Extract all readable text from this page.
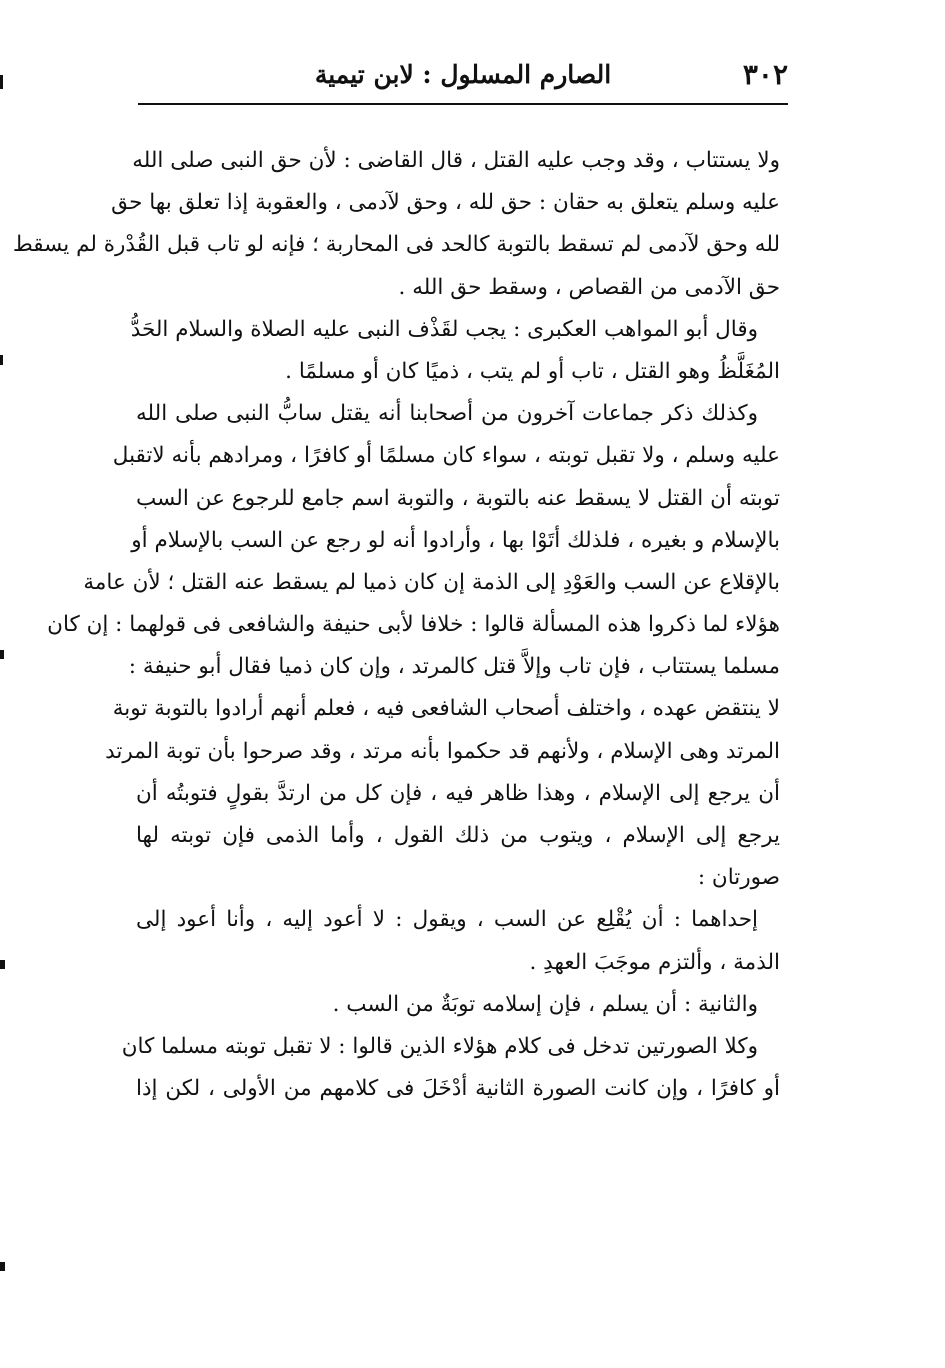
٣٠٢
الصارم المسلول : لابن تيمية
ولا يستتاب ، وقد وجب عليه القتل ، قال القاضى : لأن حق النبى صلى الله
عليه وسلم يتعلق به حقان : حق لله ، وحق لآدمى ، والعقوبة إذا تعلق بها حق
لله وحق لآدمى لم تسقط بالتوبة كالحد فى المحاربة ؛ فإنه لو تاب قبل القُدْرة لم يسقط
حق الآدمى من القصاص ، وسقط حق الله .
وقال أبو المواهب العكبرى : يجب لقَذْف النبى عليه الصلاة والسلام الحَدُّ
المُغَلَّظُ وهو القتل ، تاب أو لم يتب ، ذميًا كان أو مسلمًا .
وكذلك ذكر جماعات آخرون من أصحابنا أنه يقتل سابُّ النبى صلى الله
عليه وسلم ، ولا تقبل توبته ، سواء كان مسلمًا أو كافرًا ، ومرادهم بأنه لاتقبل
توبته أن القتل لا يسقط عنه بالتوبة ، والتوبة اسم جامع للرجوع عن السب
بالإسلام و بغيره ، فلذلك أتَوْا بها ، وأرادوا أنه لو رجع عن السب بالإسلام أو
بالإقلاع عن السب والعَوْدِ إلى الذمة إن كان ذميا لم يسقط عنه القتل ؛ لأن عامة
هؤلاء لما ذكروا هذه المسألة قالوا : خلافا لأبى حنيفة والشافعى فى قولهما : إن كان
مسلما يستتاب ، فإن تاب وإلاَّ قتل كالمرتد ، وإن كان ذميا فقال أبو حنيفة :
لا ينتقض عهده ، واختلف أصحاب الشافعى فيه ، فعلم أنهم أرادوا بالتوبة توبة
المرتد وهى الإسلام ، ولأنهم قد حكموا بأنه مرتد ، وقد صرحوا بأن توبة المرتد
أن يرجع إلى الإسلام ، وهذا ظاهر فيه ، فإن كل من ارتدَّ بقولٍ فتوبتُه أن
يرجع إلى الإسلام ، ويتوب من ذلك القول ، وأما الذمى فإن توبته لها
صورتان :
إحداهما : أن يُقْلِع عن السب ، ويقول : لا أعود إليه ، وأنا أعود إلى
الذمة ، وألتزم موجَبَ العهدِ .
والثانية : أن يسلم ، فإن إسلامه توبَةٌ من السب .
وكلا الصورتين تدخل فى كلام هؤلاء الذين قالوا : لا تقبل توبته مسلما كان
أو كافرًا ، وإن كانت الصورة الثانية أدْخَلَ فى كلامهم من الأولى ، لكن إذا
